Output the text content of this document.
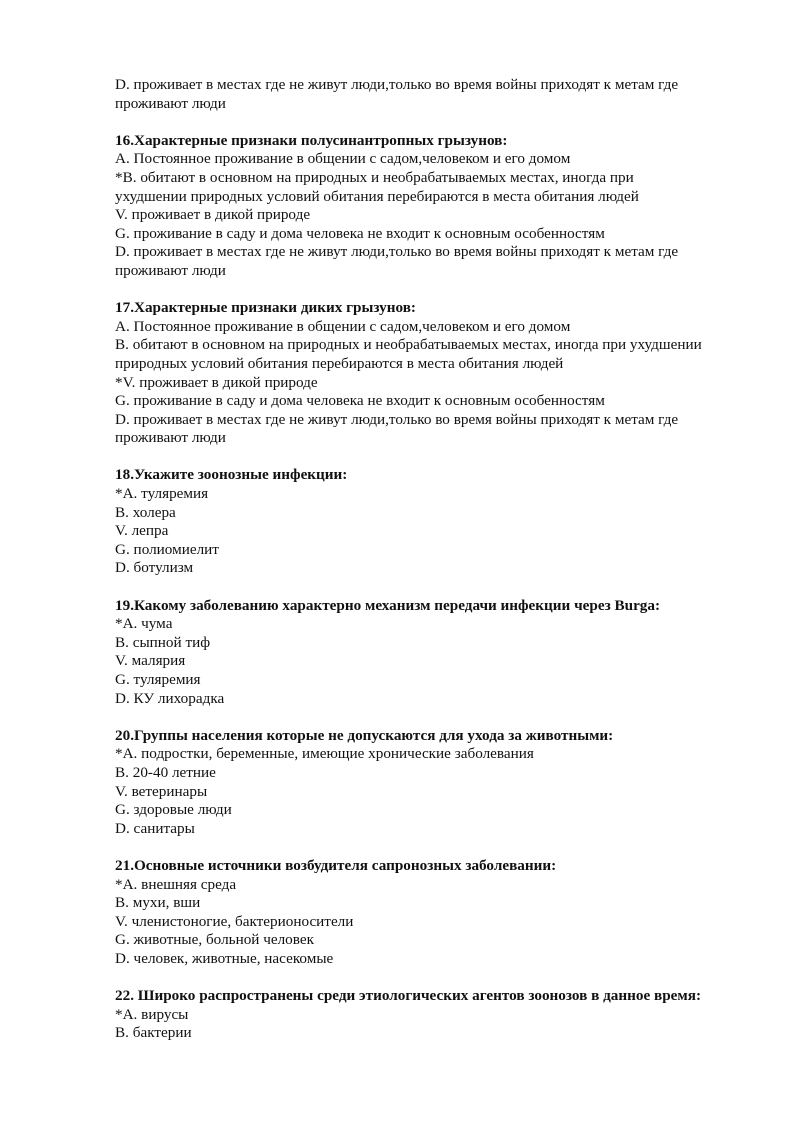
D. проживает в местах где не живут люди,только во время войны приходят к метам где

проживают люди

16.Характерные признаки полусинантропных грызунов:

А. Постоянное проживание в общении с садом,человеком и его домом

*В. обитают в основном на природных и необрабатываемых местах, иногда при

ухудшении природных условий обитания перебираются в места обитания людей

V. проживает в дикой природе

G. проживание в саду и дома человека не входит к основным особенностям

D. проживает в местах где не живут люди,только во время войны приходят к метам где

проживают люди

17.Характерные признаки диких грызунов:

А. Постоянное проживание в общении с садом,человеком и его домом

В. обитают в основном на природных и необрабатываемых местах, иногда при ухудшении

природных условий обитания перебираются в места обитания людей

*V. проживает в дикой природе

G. проживание в саду и дома человека не входит к основным особенностям

D. проживает в местах где не живут люди,только во время войны приходят к метам где

проживают люди

18.Укажите зоонозные инфекции:

*А. туляремия

В. холера

V. лепра

G. полиомиелит

D. ботулизм

19.Какому заболеванию характерно механизм передачи инфекции через Burga:

*А. чума

В. сыпной тиф

V. малярия

G. туляремия

D. КУ лихорадка

20.Группы населения которые не допускаются для ухода за животными:

*А. подростки, беременные, имеющие хронические заболевания

В. 20-40 летние

V. ветеринары

G. здоровые люди

D. санитары

21.Основные источники возбудителя сапронозных заболевании:

*А. внешняя среда

В. мухи, вши

V. членистоногие, бактерионосители

G. животные, больной человек

D. человек, животные, насекомые

22. Широко распространены среди этиологических агентов зоонозов в данное время:

*А. вирусы

В. бактерии
